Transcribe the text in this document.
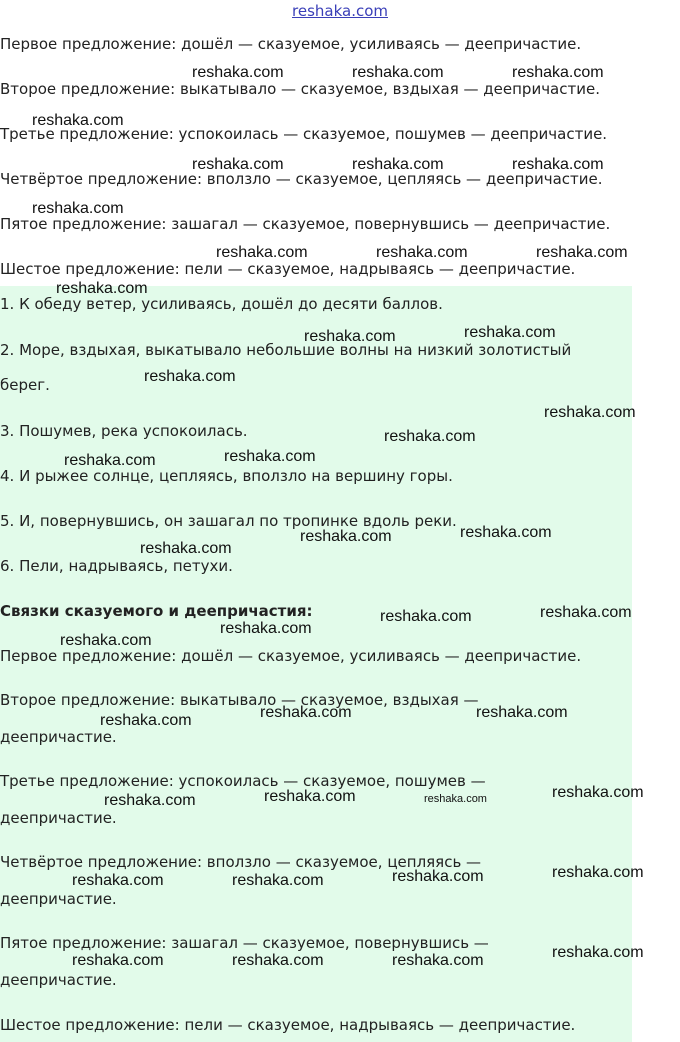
reshaka.com
Первое предложение: дошёл — сказуемое, усиливаясь — деепричастие.
Второе предложение: выкатывало — сказуемое, вздыхая — деепричастие.
Третье предложение: успокоилась — сказуемое, пошумев — деепричастие.
Четвёртое предложение: вползло — сказуемое, цепляясь — деепричастие.
Пятое предложение: зашагал — сказуемое, повернувшись — деепричастие.
Шестое предложение: пели — сказуемое, надрываясь — деепричастие.
1. К обеду ветер, усиливаясь, дошёл до десяти баллов.
2. Море, вздыхая, выкатывало небольшие волны на низкий золотистый
берег.
3. Пошумев, река успокоилась.
4. И рыжее солнце, цепляясь, вползло на вершину горы.
5. И, повернувшись, он зашагал по тропинке вдоль реки.
6. Пели, надрываясь, петухи.
Связки сказуемого и деепричастия:
Первое предложение: дошёл — сказуемое, усиливаясь — деепричастие.
Второе предложение: выкатывало — сказуемое, вздыхая —
деепричастие.
Третье предложение: успокоилась — сказуемое, пошумев —
деепричастие.
Четвёртое предложение: вползло — сказуемое, цепляясь —
деепричастие.
Пятое предложение: зашагал — сказуемое, повернувшись —
деепричастие.
Шестое предложение: пели — сказуемое, надрываясь — деепричастие.
reshaka.com	reshaka.com	reshaka.com
reshaka.com
reshaka.com	reshaka.com	reshaka.com
reshaka.com
reshaka.com	reshaka.com	reshaka.com
reshaka.com
reshaka.com
reshaka.com
reshaka.com
reshaka.com
reshaka.com
reshaka.com
reshaka.com
reshaka.com
reshaka.com
reshaka.com
reshaka.com
reshaka.com
reshaka.com
reshaka.com
reshaka.com
reshaka.com
reshaka.com
reshaka.com
reshaka.com	reshaka.com
reshaka.com
reshaka.com
reshaka.com
reshaka.com
reshaka.com
reshaka.com
reshaka.com
reshaka.com
reshaka.com
